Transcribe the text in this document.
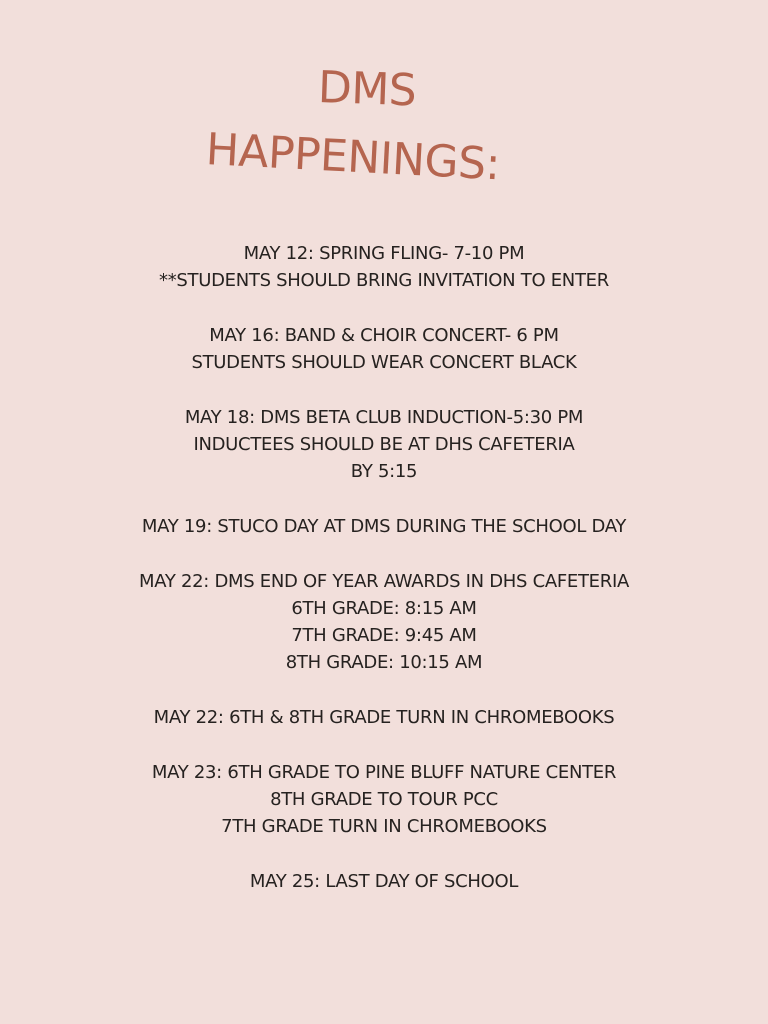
DMS
HAPPENINGS:
MAY 12: SPRING FLING- 7-10 PM
**STUDENTS SHOULD BRING INVITATION TO ENTER
MAY 16: BAND & CHOIR CONCERT- 6 PM
STUDENTS SHOULD WEAR CONCERT BLACK
MAY 18: DMS BETA CLUB INDUCTION-5:30 PM
INDUCTEES SHOULD BE AT DHS CAFETERIA
BY 5:15
MAY 19: STUCO DAY AT DMS DURING THE SCHOOL DAY
MAY 22: DMS END OF YEAR AWARDS IN DHS CAFETERIA
6TH GRADE: 8:15 AM
7TH GRADE: 9:45 AM
8TH GRADE: 10:15 AM
MAY 22: 6TH & 8TH GRADE TURN IN CHROMEBOOKS
MAY 23: 6TH GRADE TO PINE BLUFF NATURE CENTER
8TH GRADE TO TOUR PCC
7TH GRADE TURN IN CHROMEBOOKS
MAY 25: LAST DAY OF SCHOOL
